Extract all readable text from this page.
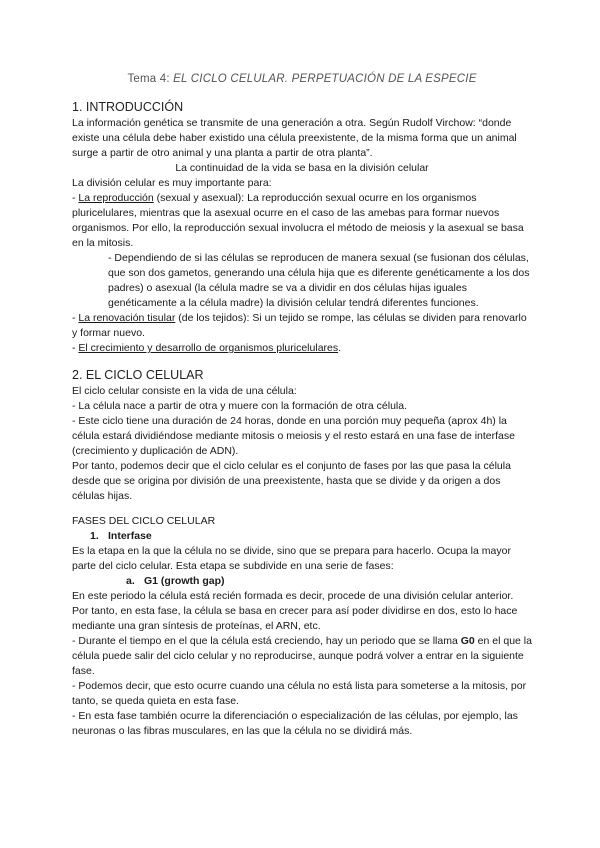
Tema 4: EL CICLO CELULAR. PERPETUACIÓN DE LA ESPECIE

1. INTRODUCCIÓN

La información genética se transmite de una generación a otra. Según Rudolf Virchow: “donde existe una célula debe haber existido una célula preexistente, de la misma forma que un animal surge a partir de otro animal y una planta a partir de otra planta”.

La continuidad de la vida se basa en la división celular

La división celular es muy importante para:

- La reproducción (sexual y asexual): La reproducción sexual ocurre en los organismos pluricelulares, mientras que la asexual ocurre en el caso de las amebas para formar nuevos organismos. Por ello, la reproducción sexual involucra el método de meiosis y la asexual se basa en la mitosis.

- Dependiendo de si las células se reproducen de manera sexual (se fusionan dos células, que son dos gametos, generando una célula hija que es diferente genéticamente a los dos padres) o asexual (la célula madre se va a dividir en dos células hijas iguales genéticamente a la célula madre) la división celular tendrá diferentes funciones.

- La renovación tisular (de los tejidos): Si un tejido se rompe, las células se dividen para renovarlo y formar nuevo.

- El crecimiento y desarrollo de organismos pluricelulares.

2. EL CICLO CELULAR

El ciclo celular consiste en la vida de una célula:

- La célula nace a partir de otra y muere con la formación de otra célula.

- Este ciclo tiene una duración de 24 horas, donde en una porción muy pequeña (aprox 4h) la célula estará dividiéndose mediante mitosis o meiosis y el resto estará en una fase de interfase (crecimiento y duplicación de ADN).

Por tanto, podemos decir que el ciclo celular es el conjunto de fases por las que pasa la célula desde que se origina por división de una preexistente, hasta que se divide y da origen a dos células hijas.

FASES DEL CICLO CELULAR

1. Interfase

Es la etapa en la que la célula no se divide, sino que se prepara para hacerlo. Ocupa la mayor parte del ciclo celular. Esta etapa se subdivide en una serie de fases:

a. G1 (growth gap)

En este periodo la célula está recién formada es decir, procede de una división celular anterior. Por tanto, en esta fase, la célula se basa en crecer para así poder dividirse en dos, esto lo hace mediante una gran síntesis de proteínas, el ARN, etc.

- Durante el tiempo en el que la célula está creciendo, hay un periodo que se llama G0 en el que la célula puede salir del ciclo celular y no reproducirse, aunque podrá volver a entrar en la siguiente fase.

- Podemos decir, que esto ocurre cuando una célula no está lista para someterse a la mitosis, por tanto, se queda quieta en esta fase.

- En esta fase también ocurre la diferenciación o especialización de las células, por ejemplo, las neuronas o las fibras musculares, en las que la célula no se dividirá más.
